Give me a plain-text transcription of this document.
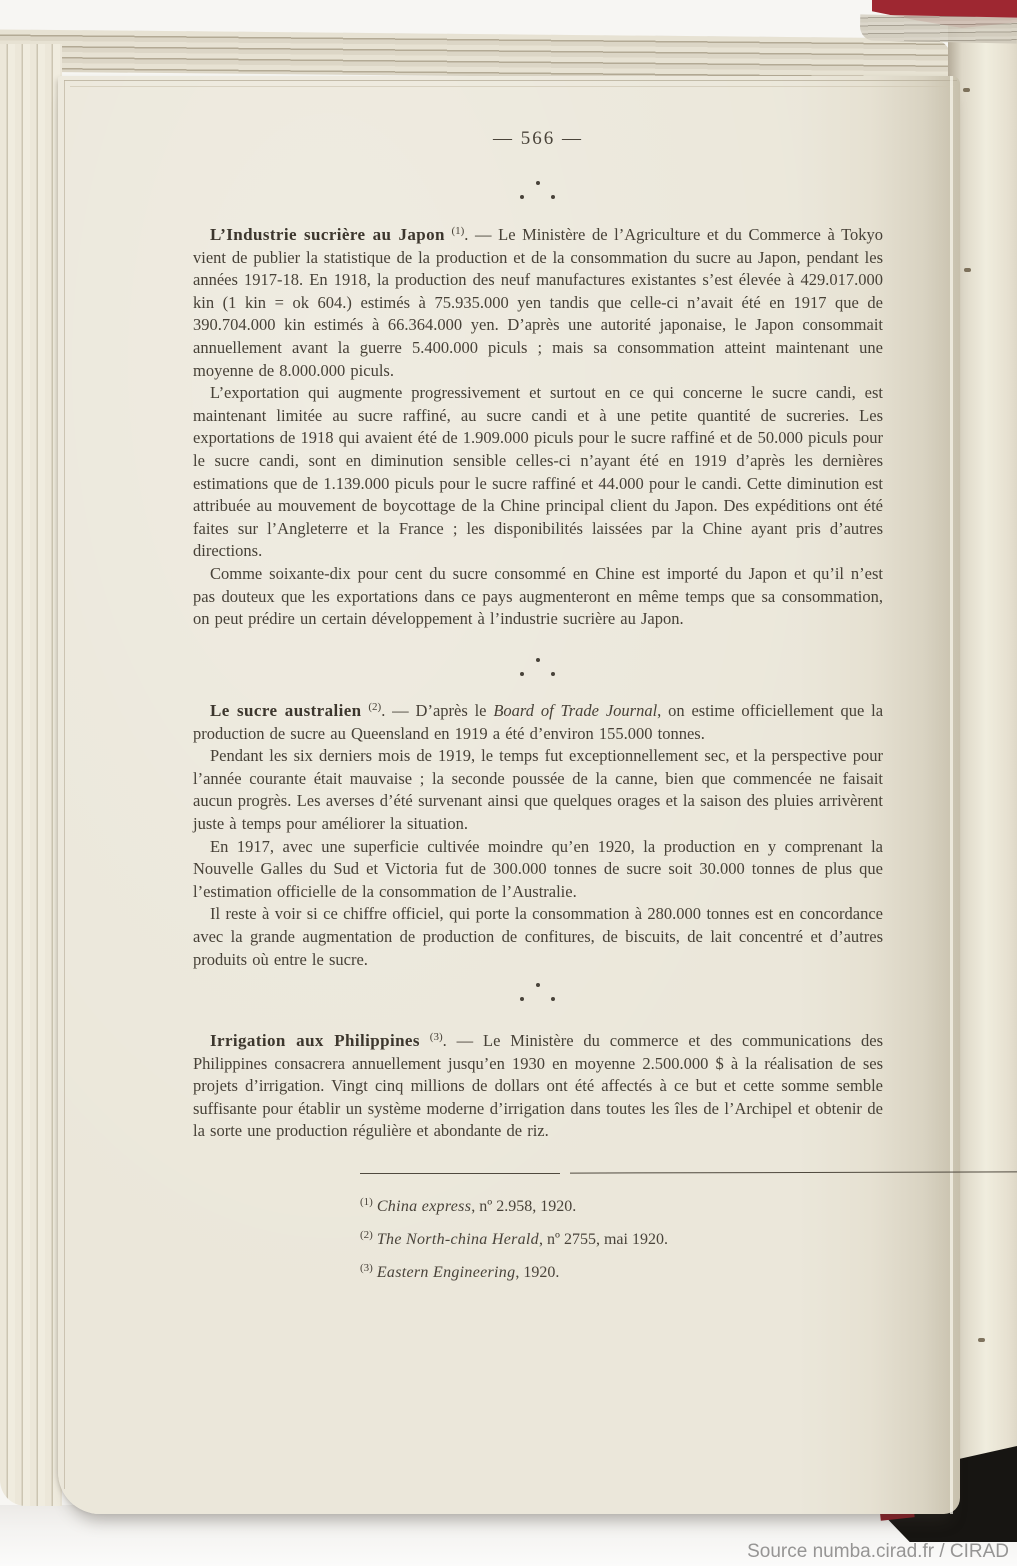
— 566 —

L’Industrie sucrière au Japon $^{(1)}$. — Le Ministère de l’Agriculture et du Commerce à Tokyo vient de publier la statistique de la production et de la consommation du sucre au Japon, pendant les années 1917-18. En 1918, la production des neuf manufactures existantes s’est élevée à 429.017.000 kin (1 kin = ok 604.) estimés à 75.935.000 yen tandis que celle-ci n’avait été en 1917 que de 390.704.000 kin estimés à 66.364.000 yen. D’après une autorité japonaise, le Japon consommait annuellement avant la guerre 5.400.000 piculs ; mais sa consommation atteint maintenant une moyenne de 8.000.000 piculs.

L’exportation qui augmente progressivement et surtout en ce qui concerne le sucre candi, est maintenant limitée au sucre raffiné, au sucre candi et à une petite quantité de sucreries. Les exportations de 1918 qui avaient été de 1.909.000 piculs pour le sucre raffiné et de 50.000 piculs pour le sucre candi, sont en diminution sensible celles-ci n’ayant été en 1919 d’après les dernières estimations que de 1.139.000 piculs pour le sucre raffiné et 44.000 pour le candi. Cette diminution est attribuée au mouvement de boycottage de la Chine principal client du Japon. Des expéditions ont été faites sur l’Angleterre et la France ; les disponibilités laissées par la Chine ayant pris d’autres directions.

Comme soixante-dix pour cent du sucre consommé en Chine est importé du Japon et qu’il n’est pas douteux que les exportations dans ce pays augmenteront en même temps que sa consommation, on peut prédire un certain développement à l’industrie sucrière au Japon.

Le sucre australien $^{(2)}$. — D’après le Board of Trade Journal, on estime officiellement que la production de sucre au Queensland en 1919 a été d’environ 155.000 tonnes.

Pendant les six derniers mois de 1919, le temps fut exceptionnellement sec, et la perspective pour l’année courante était mauvaise ; la seconde poussée de la canne, bien que commencée ne faisait aucun progrès. Les averses d’été survenant ainsi que quelques orages et la saison des pluies arrivèrent juste à temps pour améliorer la situation.

En 1917, avec une superficie cultivée moindre qu’en 1920, la production en y comprenant la Nouvelle Galles du Sud et Victoria fut de 300.000 tonnes de sucre soit 30.000 tonnes de plus que l’estimation officielle de la consommation de l’Australie.

Il reste à voir si ce chiffre officiel, qui porte la consommation à 280.000 tonnes est en concordance avec la grande augmentation de production de confitures, de biscuits, de lait concentré et d’autres produits où entre le sucre.

Irrigation aux Philippines $^{(3)}$. — Le Ministère du commerce et des communications des Philippines consacrera annuellement jusqu’en 1930 en moyenne 2.500.000 $ à la réalisation de ses projets d’irrigation. Vingt cinq millions de dollars ont été affectés à ce but et cette somme semble suffisante pour établir un système moderne d’irrigation dans toutes les îles de l’Archipel et obtenir de la sorte une production régulière et abondante de riz.

$^{(1)}$ China express, nº 2.958, 1920.

$^{(2)}$ The North-china Herald, nº 2755, mai 1920.

$^{(3)}$ Eastern Engineering, 1920.

Source numba.cirad.fr / CIRAD
